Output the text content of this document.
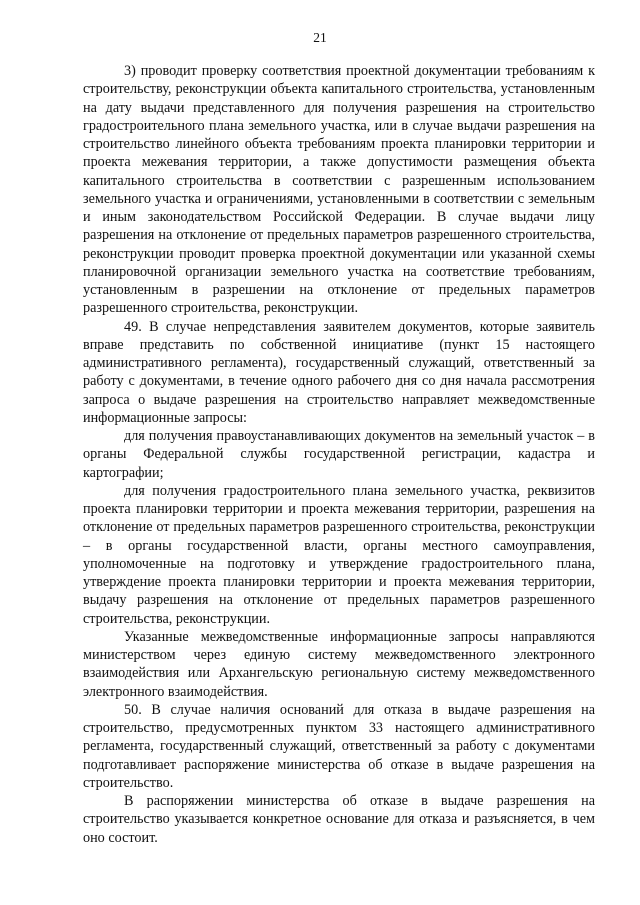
21

3) проводит проверку соответствия проектной документации требованиям к строительству, реконструкции объекта капитального строительства, установленным на дату выдачи представленного для получения разрешения на строительство градостроительного плана земельного участка, или в случае выдачи разрешения на строительство линейного объекта требованиям проекта планировки территории и проекта межевания территории, а также допустимости размещения объекта капитального строительства в соответствии с разрешенным использованием земельного участка и ограничениями, установленными в соответствии с земельным и иным законодательством Российской Федерации. В случае выдачи лицу разрешения на отклонение от предельных параметров разрешенного строительства, реконструкции проводит проверка проектной документации или указанной схемы планировочной организации земельного участка на соответствие требованиям, установленным в разрешении на отклонение от предельных параметров разрешенного строительства, реконструкции.

49. В случае непредставления заявителем документов, которые заявитель вправе представить по собственной инициативе (пункт 15 настоящего административного регламента), государственный служащий, ответственный за работу с документами, в течение одного рабочего дня со дня начала рассмотрения запроса о выдаче разрешения на строительство направляет межведомственные информационные запросы:

для получения правоустанавливающих документов на земельный участок – в органы Федеральной службы государственной регистрации, кадастра и картографии;

для получения градостроительного плана земельного участка, реквизитов проекта планировки территории и проекта межевания территории, разрешения на отклонение от предельных параметров разрешенного строительства, реконструкции – в органы государственной власти, органы местного самоуправления, уполномоченные на подготовку и утверждение градостроительного плана, утверждение проекта планировки территории и проекта межевания территории, выдачу разрешения на отклонение от предельных параметров разрешенного строительства, реконструкции.

Указанные межведомственные информационные запросы направляются министерством через единую систему межведомственного электронного взаимодействия или Архангельскую региональную систему межведомственного электронного взаимодействия.

50. В случае наличия оснований для отказа в выдаче разрешения на строительство, предусмотренных пунктом 33 настоящего административного регламента, государственный служащий, ответственный за работу с документами подготавливает распоряжение министерства об отказе в выдаче разрешения на строительство.

В распоряжении министерства об отказе в выдаче разрешения на строительство указывается конкретное основание для отказа и разъясняется, в чем оно состоит.
